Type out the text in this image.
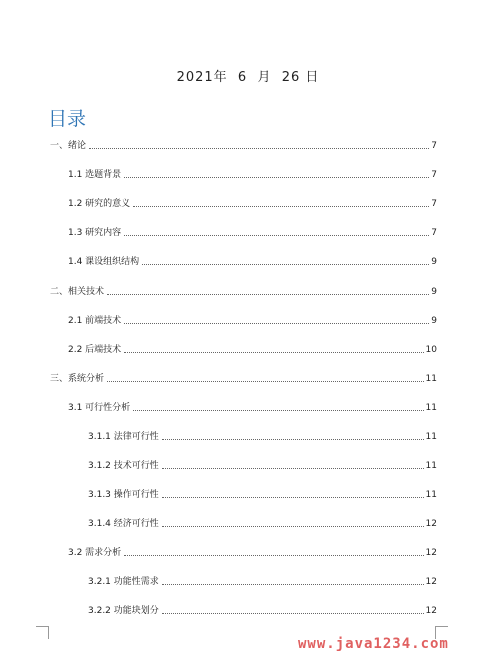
2021年  6  月  26 日
目录
一、绪论	7
1.1 选题背景	7
1.2 研究的意义	7
1.3 研究内容	7
1.4 课设组织结构	9
二、相关技术	9
2.1 前端技术	9
2.2 后端技术	10
三、系统分析	11
3.1 可行性分析	11
3.1.1 法律可行性	11
3.1.2 技术可行性	11
3.1.3 操作可行性	11
3.1.4 经济可行性	12
3.2 需求分析	12
3.2.1 功能性需求	12
3.2.2 功能块划分	12
www.java1234.com
